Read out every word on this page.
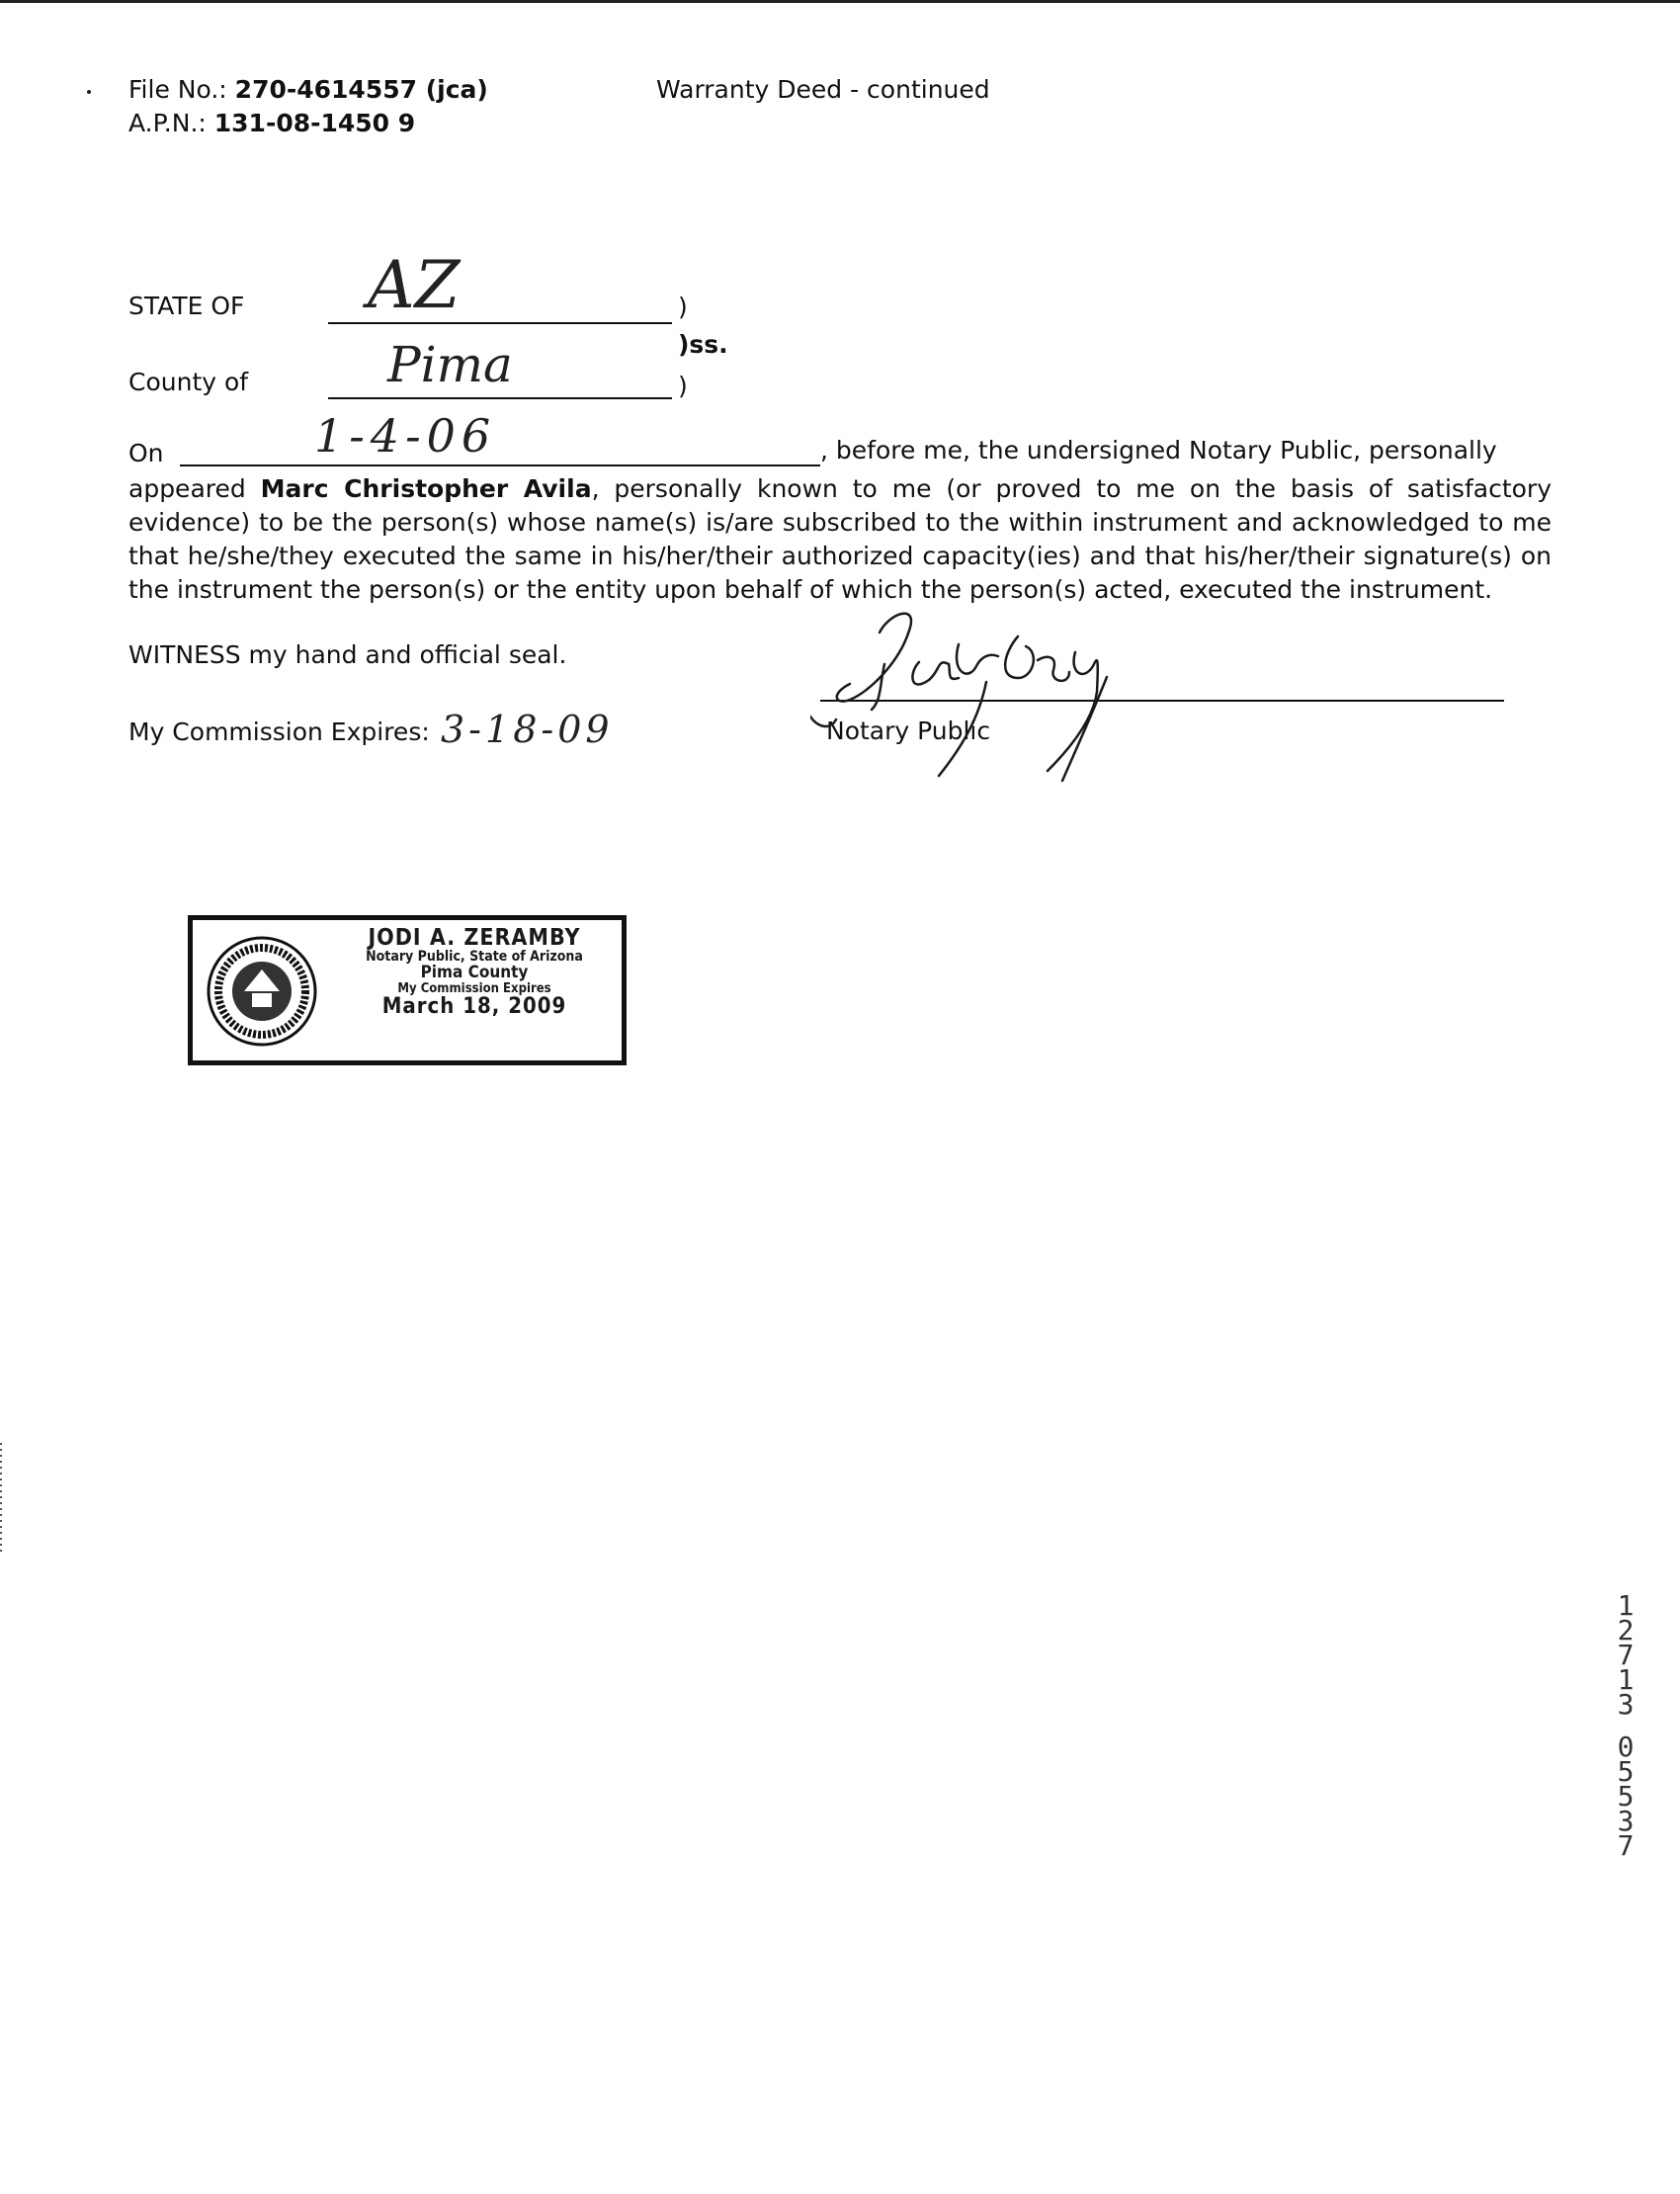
File No.: 270-4614557 (jca)
A.P.N.: 131-08-1450 9
Warranty Deed - continued
STATE OF AZ	)
)ss.
County of	Pima	)
On	1-4-06	, before me, the undersigned Notary Public, personally

appeared Marc Christopher Avila, personally known to me (or proved to me on the basis of satisfactory evidence) to be the person(s) whose name(s) is/are subscribed to the within instrument and acknowledged to me that he/she/they executed the same in his/her/their authorized capacity(ies) and that his/her/their signature(s) on the instrument the person(s) or the entity upon behalf of which the person(s) acted, executed the instrument.

WITNESS my hand and official seal.
My Commission Expires: 3-18-09	Notary Public
JODI A. ZERAMBY
Notary Public, State of Arizona
Pima County
My Commission Expires
March 18, 2009
1
2
7
1
3
0
5
5
3
7
